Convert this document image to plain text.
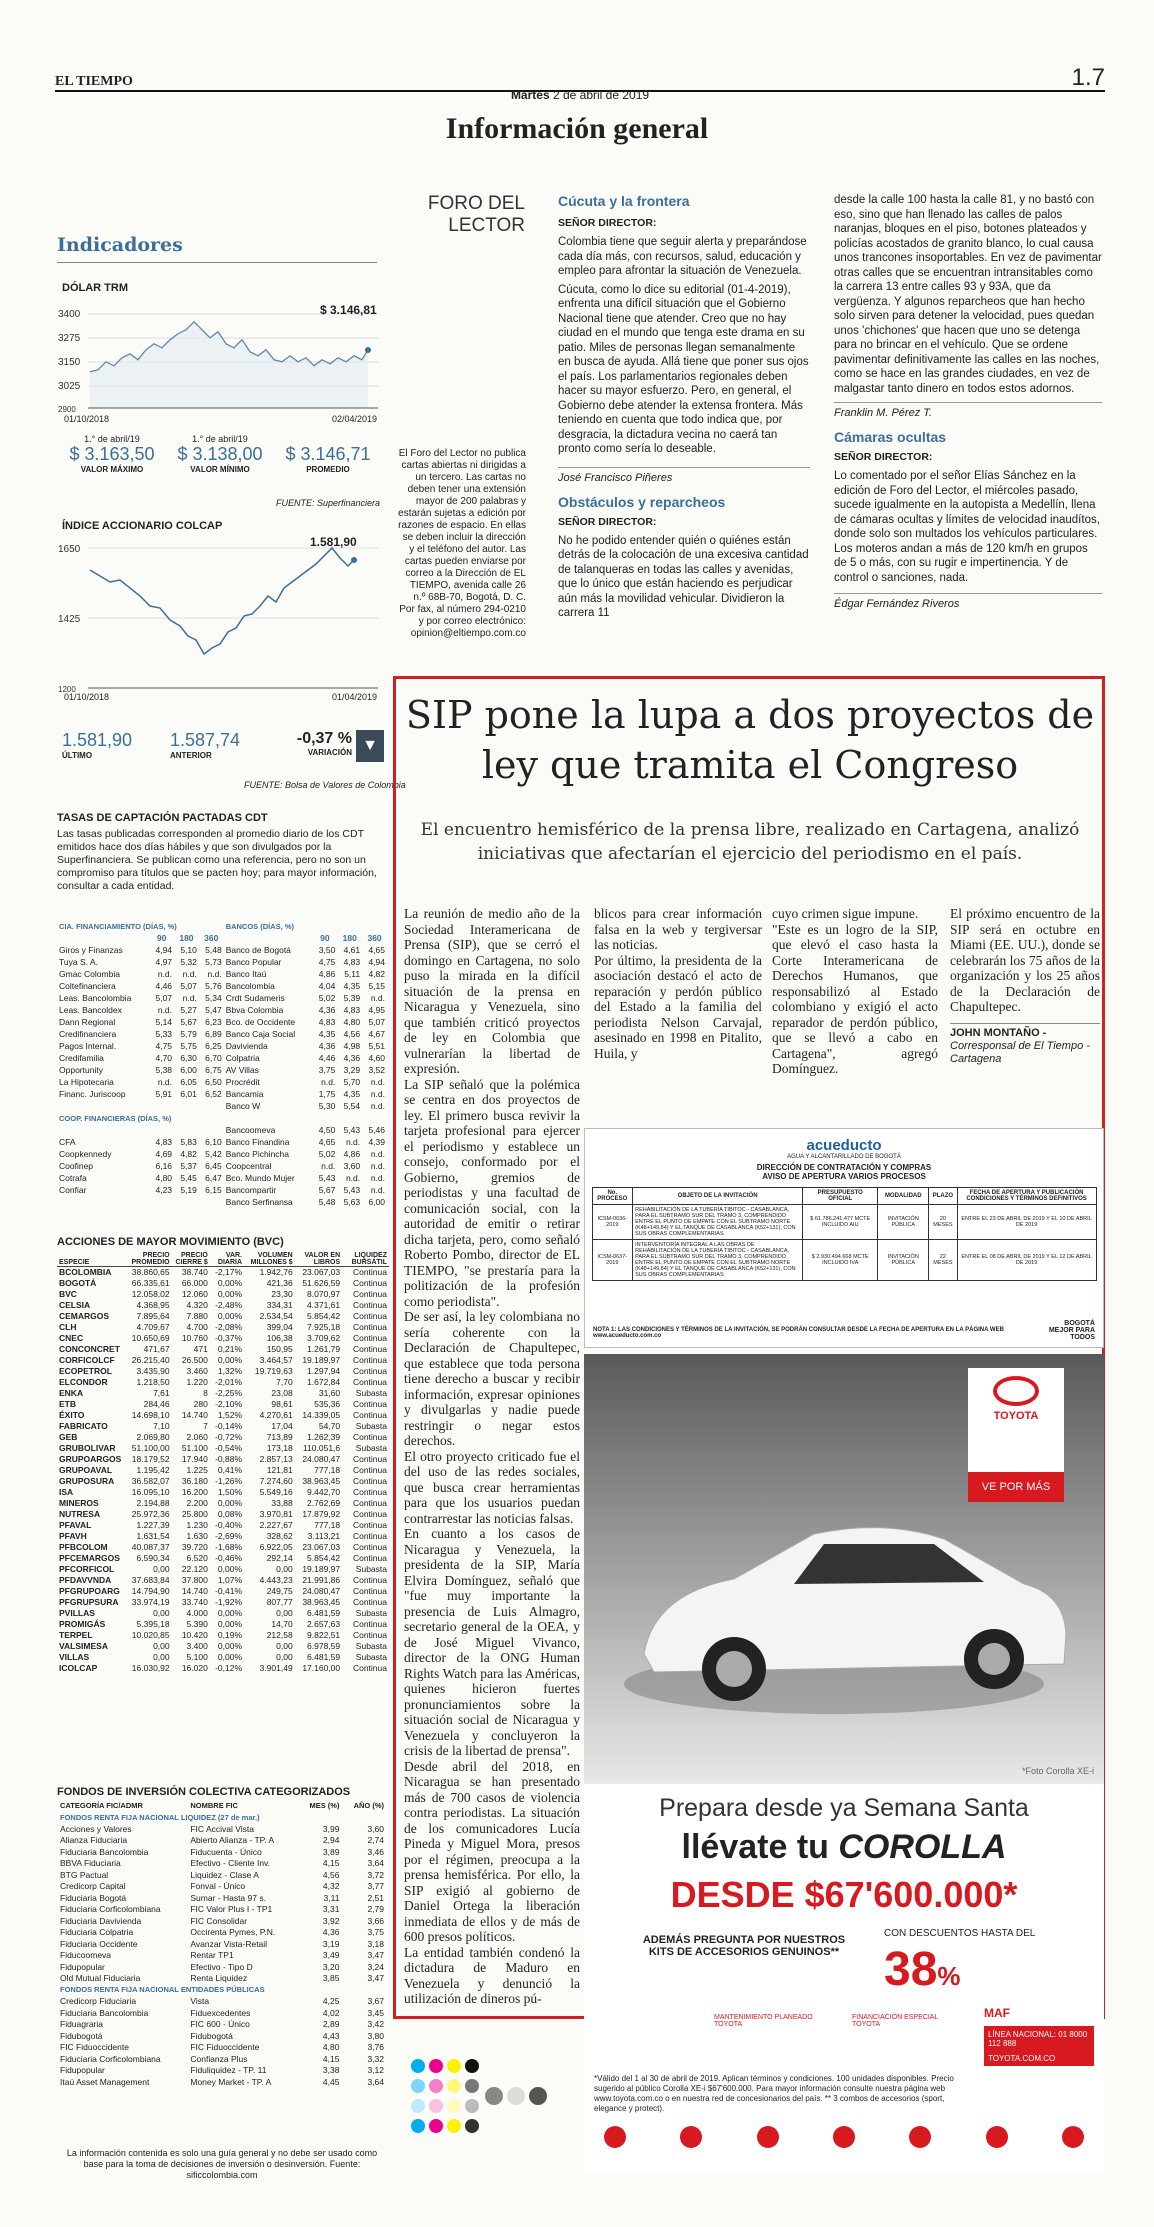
EL TIEMPO
Martes 2 de abril de 2019
1.7
Información general
Indicadores
DÓLAR TRM
3400
3275
3150
3025
2900
$ 3.146,81
01/10/2018	02/04/2019
1.° de abril/19
$ 3.163,50
VALOR MÁXIMO
1.° de abril/19
$ 3.138,00
VALOR MÍNIMO
$ 3.146,71
PROMEDIO
FUENTE: Superfinanciera
ÍNDICE ACCIONARIO COLCAP
1650
1425
1200
1.581,90
01/10/2018	01/04/2019
1.581,90
ÚLTIMO
1.587,74
ANTERIOR
-0,37 %
VARIACIÓN ▼
FUENTE: Bolsa de Valores de Colombia
TASAS DE CAPTACIÓN PACTADAS CDT
Las tasas publicadas corresponden al promedio diario de los CDT emitidos hace dos días hábiles y que son divulgados por la Superfinanciera. Se publican como una referencia, pero no son un compromiso para títulos que se pacten hoy; para mayor información, consultar a cada entidad.
CIA. FINANCIAMIENTO (DÍAS, %)				BANCOS (DÍAS, %)			
	90	180	360		90	180	360
Giros y Finanzas	4,94	5,10	5,48	Banco de Bogotá	3,50	4,61	4,65
Tuya S. A.	4,97	5,32	5,73	Banco Popular	4,75	4,83	4,94
Gmac Colombia	n.d.	n.d.	n.d.	Banco Itaú	4,86	5,11	4,82
Coltefinanciera	4,46	5,07	5,76	Bancolombia	4,04	4,35	5,15
Leas. Bancolombia	5,07	n.d.	5,34	Crdt Sudameris	5,02	5,39	n.d.
Leas. Bancoldex	n.d.	5,27	5,47	Bbva Colombia	4,36	4,83	4,95
Dann Regional	5,14	5,67	6,23	Bco. de Occidente	4,83	4,80	5,07
Credifinanciera	5,33	5,79	6,89	Banco Caja Social	4,35	4,56	4,67
Pagos Internal.	4,75	5,75	6,25	Davivienda	4,36	4,98	5,51
Credifamilia	4,70	6,30	6,70	Colpatria	4,46	4,36	4,60
Opportunity	5,38	6,00	6,75	AV Villas	3,75	3,29	3,52
La Hipotecaria	n.d.	6,05	6,50	Procrédit	n.d.	5,70	n.d.
Financ. Juriscoop	5,91	6,01	6,52	Bancamia	1,75	4,35	n.d.
				Banco W	5,30	5,54	n.d.
COOP. FINANCIERAS (DÍAS, %)							
				Bancoomeva	4,50	5,43	5,46
CFA	4,83	5,83	6,10	Banco Finandina	4,65	n.d.	4,39
Coopkennedy	4,69	4,82	5,42	Banco Pichincha	5,02	4,86	n.d.
Coofinep	6,16	5,37	6,45	Coopcentral	n.d.	3,60	n.d.
Cotrafa	4,80	5,45	6,47	Bco. Mundo Mujer	5,43	n.d.	n.d.
Confiar	4,23	5,19	6,15	Bancompartir	5,67	5,43	n.d.
				Banco Serfinansa	5,48	5,63	6,00
ACCIONES DE MAYOR MOVIMIENTO (BVC)
ESPECIE	PRECIO PROMEDIO	PRECIO CIERRE $	VAR. DIARIA	VOLUMEN MILLONES $	VALOR EN LIBROS	LIQUIDEZ BURSÁTIL
BCOLOMBIA	38.860,65	38.740	-2,17%	1.942,76	23.067,03	Continua
BOGOTÁ	66.335,61	66.000	0,00%	421,36	51.626,59	Continua
BVC	12.058,02	12.060	0,00%	23,30	8.070,97	Continua
CELSIA	4.368,95	4.320	-2,48%	334,31	4.371,61	Continua
CEMARGOS	7.895,64	7.880	0,00%	2.534,54	5.854,42	Continua
CLH	4.709,67	4.700	-2,08%	399,04	7.925,18	Continua
CNEC	10.650,69	10.760	-0,37%	106,38	3.709,62	Continua
CONCONCRET	471,67	471	0,21%	150,95	1.261,79	Continua
CORFICOLCF	26.215,40	26.500	0,00%	3.464,57	19.189,97	Continua
ECOPETROL	3.435,90	3.460	1,32%	19.719,63	1.297,94	Continua
ELCONDOR	1.218,50	1.220	-2,01%	7,70	1.672,84	Continua
ENKA	7,61	8	-2,25%	23,08	31,60	Subasta
ETB	284,46	280	-2,10%	98,61	535,36	Continua
ÉXITO	14.698,10	14.740	1,52%	4.270,61	14.339,05	Continua
FABRICATO	7,10	7	-0,14%	17,04	54,70	Subasta
GEB	2.069,80	2.060	-0,72%	713,89	1.262,39	Continua
GRUBOLIVAR	51.100,00	51.100	-0,54%	173,18	110.051,6	Subasta
GRUPOARGOS	18.179,52	17.940	-0,88%	2.857,13	24.080,47	Continua
GRUPOAVAL	1.195,42	1.225	0,41%	121,81	777,18	Continua
GRUPOSURA	36.582,07	36.180	-1,26%	7.274,60	38.963,45	Continua
ISA	16.095,10	16.200	1,50%	5.549,16	9.442,70	Continua
MINEROS	2.194,88	2.200	0,00%	33,88	2.762,69	Continua
NUTRESA	25.972,36	25.800	0,08%	3.970,81	17.879,92	Continua
PFAVAL	1.227,39	1.230	-0,40%	2.227,67	777,18	Continua
PFAVH	1.631,54	1.630	-2,69%	328,62	3.113,21	Continua
PFBCOLOM	40.087,37	39.720	-1,68%	6.922,05	23.067,03	Continua
PFCEMARGOS	6.590,34	6.520	-0,46%	292,14	5.854,42	Continua
PFCORFICOL	0,00	22.120	0,00%	0,00	19.189,97	Subasta
PFDAVVNDA	37.683,84	37.800	1,07%	4.443,23	21.991,86	Continua
PFGRUPOARG	14.794,90	14.740	-0,41%	249,75	24.080,47	Continua
PFGRUPSURA	33.974,19	33.740	-1,92%	807,77	38.963,45	Continua
PVILLAS	0,00	4.000	0,00%	0,00	6.481,59	Subasta
PROMIGÁS	5.395,18	5.390	0,00%	14,70	2.657,63	Continua
TERPEL	10.020,85	10.420	0,19%	212,58	9.822,51	Continua
VALSIMESA	0,00	3.400	0,00%	0,00	6.978,59	Subasta
VILLAS	0,00	5.100	0,00%	0,00	6.481,59	Subasta
ICOLCAP	16.030,92	16.020	-0,12%	3.901,49	17.160,00	Continua
FONDOS DE INVERSIÓN COLECTIVA CATEGORIZADOS
CATEGORÍA FIC/ADMR	NOMBRE FIC	MES (%)	AÑO (%)
FONDOS RENTA FIJA NACIONAL LIQUIDEZ (27 de mar.)			
Acciones y Valores	FIC Accival Vista	3,99	3,60
Alianza Fiduciaria	Abierto Alianza - TP. A	2,94	2,74
Fiduciaria Bancolombia	Fiducuenta - Único	3,89	3,46
BBVA Fiduciaria	Efectivo - Cliente Inv.	4,15	3,64
BTG Pactual	Liquidez - Clase A	4,56	3,72
Credicorp Capital	Fonval - Único	4,32	3,77
Fiduciaria Bogotá	Sumar - Hasta 97 s.	3,11	2,51
Fiduciaria Corficolombiana	FIC Valor Plus I - TP1	3,31	2,79
Fiduciaria Davivienda	FIC Consolidar	3,92	3,66
Fiduciaria Colpatria	Occirenta Pymes, P.N.	4,36	3,75
Fiduciaria Occidente	Avanzar Vista-Retail	3,19	3,18
Fiducoomeva	Rentar TP1	3,49	3,47
Fidupopular	Efectivo - Tipo D	3,20	3,24
Old Mutual Fiduciaria	Renta Liquidez	3,85	3,47
FONDOS RENTA FIJA NACIONAL ENTIDADES PÚBLICAS			
Credicorp Fiduciaria	Vista	4,25	3,67
Fiduciaria Bancolombia	Fiduexcedentes	4,02	3,45
Fiduagraria	FIC 600 - Único	2,89	3,42
Fidubogotá	Fidubogotá	4,43	3,80
FIC Fiduoccidente	FIC Fiduoccidente	4,80	3,76
Fiduciaria Corficolombiana	Confianza Plus	4,15	3,32
Fidupopular	Fiduliquidez - TP. 11	3,38	3,12
Itaú Asset Management	Money Market - TP. A	4,45	3,64
La información contenida es solo una guía general y no debe ser usado como base para la toma de decisiones de inversión o desinversión. Fuente: sificcolombia.com
FORO DEL LECTOR
El Foro del Lector no publica cartas abiertas ni dirigidas a un tercero. Las cartas no deben tener una extensión mayor de 200 palabras y estarán sujetas a edición por razones de espacio. En ellas se deben incluir la dirección y el teléfono del autor. Las cartas pueden enviarse por correo a la Dirección de EL TIEMPO, avenida calle 26 n.º 68B-70, Bogotá, D. C. Por fax, al número 294-0210 y por correo electrónico: opinion@eltiempo.com.co
Cúcuta y la frontera
SEÑOR DIRECTOR:
Colombia tiene que seguir alerta y preparándose cada día más, con recursos, salud, educación y empleo para afrontar la situación de Venezuela.
Cúcuta, como lo dice su editorial (01-4-2019), enfrenta una difícil situación que el Gobierno Nacional tiene que atender. Creo que no hay ciudad en el mundo que tenga este drama en su patio. Miles de personas llegan semanalmente en busca de ayuda. Allá tiene que poner sus ojos el país. Los parlamentarios regionales deben hacer su mayor esfuerzo. Pero, en general, el Gobierno debe atender la extensa frontera. Más teniendo en cuenta que todo indica que, por desgracia, la dictadura vecina no caerá tan pronto como sería lo deseable.
José Francisco Piñeres
Obstáculos y reparcheos
SEÑOR DIRECTOR:
No he podido entender quién o quiénes están detrás de la colocación de una excesiva cantidad de talanqueras en todas las calles y avenidas, que lo único que están haciendo es perjudicar aún más la movilidad vehicular. Dividieron la carrera 11
desde la calle 100 hasta la calle 81, y no bastó con eso, sino que han llenado las calles de palos naranjas, bloques en el piso, botones plateados y policías acostados de granito blanco, lo cual causa unos trancones insoportables. En vez de pavimentar otras calles que se encuentran intransitables como la carrera 13 entre calles 93 y 93A, que da vergüenza. Y algunos reparcheos que han hecho solo sirven para detener la velocidad, pues quedan unos 'chichones' que hacen que uno se detenga para no brincar en el vehículo. Que se ordene pavimentar definitivamente las calles en las noches, como se hace en las grandes ciudades, en vez de malgastar tanto dinero en todos estos adornos.
Franklin M. Pérez T.
Cámaras ocultas
SEÑOR DIRECTOR:
Lo comentado por el señor Elías Sánchez en la edición de Foro del Lector, el miércoles pasado, sucede igualmente en la autopista a Medellín, llena de cámaras ocultas y límites de velocidad inaudítos, donde solo son multados los vehículos particulares. Los moteros andan a más de 120 km/h en grupos de 5 o más, con su rugir e impertinencia. Y de control o sanciones, nada.
Édgar Fernández Riveros
SIP pone la lupa a dos proyectos de ley que tramita el Congreso
El encuentro hemisférico de la prensa libre, realizado en Cartagena, analizó iniciativas que afectarían el ejercicio del periodismo en el país.
La reunión de medio año de la Sociedad Interamericana de Prensa (SIP), que se cerró el domingo en Cartagena, no solo puso la mirada en la difícil situación de la prensa en Nicaragua y Venezuela, sino que también criticó proyectos de ley en Colombia que vulnerarían la libertad de expresión.
La SIP señaló que la polémica se centra en dos proyectos de ley. El primero busca revivir la tarjeta profesional para ejercer el periodismo y establece un consejo, conformado por el Gobierno, gremios de periodistas y una facultad de comunicación social, con la autoridad de emitir o retirar dicha tarjeta, pero, como señaló Roberto Pombo, director de EL TIEMPO, "se prestaría para la politización de la profesión como periodista".
De ser así, la ley colombiana no sería coherente con la Declaración de Chapultepec, que establece que toda persona tiene derecho a buscar y recibir información, expresar opiniones y divulgarlas y nadie puede restringir o negar estos derechos.
El otro proyecto criticado fue el del uso de las redes sociales, que busca crear herramientas para que los usuarios puedan contrarrestar las noticias falsas.
En cuanto a los casos de Nicaragua y Venezuela, la presidenta de la SIP, María Elvira Domínguez, señaló que "fue muy importante la presencia de Luis Almagro, secretario general de la OEA, y de José Miguel Vivanco, director de la ONG Human Rights Watch para las Américas, quienes hicieron fuertes pronunciamientos sobre la situación social de Nicaragua y Venezuela y concluyeron la crisis de la libertad de prensa".
Desde abril del 2018, en Nicaragua se han presentado más de 700 casos de violencia contra periodistas. La situación de los comunicadores Lucía Pineda y Miguel Mora, presos por el régimen, preocupa a la prensa hemisférica. Por ello, la SIP exigió al gobierno de Daniel Ortega la liberación inmediata de ellos y de más de 600 presos políticos.
La entidad también condenó la dictadura de Maduro en Venezuela y denunció la utilización de dineros pú-
blicos para crear información falsa en la web y tergiversar las noticias.
Por último, la presidenta de la asociación destacó el acto de reparación y perdón público del Estado a la familia del periodista Nelson Carvajal, asesinado en 1998 en Pitalito, Huila, y
cuyo crimen sigue impune.
"Este es un logro de la SIP, que elevó el caso hasta la Corte Interamericana de Derechos Humanos, que responsabilizó al Estado colombiano y exigió el acto reparador de perdón público, que se llevó a cabo en Cartagena", agregó Domínguez.
El próximo encuentro de la SIP será en octubre en Miami (EE. UU.), donde se celebrarán los 75 años de la organización y los 25 años de la Declaración de Chapultepec.
JOHN MONTAÑO - Corresponsal de El Tiempo - Cartagena
acueducto
AGUA Y ALCANTARILLADO DE BOGOTÁ
DIRECCIÓN DE CONTRATACIÓN Y COMPRAS
AVISO DE APERTURA VARIOS PROCESOS
No. PROCESO	OBJETO DE LA INVITACIÓN	PRESUPUESTO OFICIAL	MODALIDAD	PLAZO	FECHA DE APERTURA Y PUBLICACIÓN CONDICIONES Y TÉRMINOS DEFINITIVOS
ICSM-0636-2019	REHABILITACIÓN DE LA TUBERÍA TIBITOC - CASABLANCA, PARA EL SUBTRAMO SUR DEL TRAMO 3, COMPRENDIDO ENTRE EL PUNTO DE EMPATE CON EL SUBTRAMO NORTE (K48+149,84) Y EL TANQUE DE CASABLANCA (K52+131), CON SUS OBRAS COMPLEMENTARIAS	$ 61.786.241.477 MCTE INCLUIDO AIU	INVITACIÓN PÚBLICA	20 MESES	ENTRE EL 23 DE ABRIL DE 2019 Y EL 10 DE ABRIL DE 2019
ICSM-0637-2019	INTERVENTORÍA INTEGRAL A LAS OBRAS DE REHABILITACIÓN DE LA TUBERÍA TIBITOC - CASABLANCA, PARA EL SUBTRAMO SUR DEL TRAMO 3, COMPRENDIDO ENTRE EL PUNTO DE EMPATE CON EL SUBTRAMO NORTE (K48+149,84) Y EL TANQUE DE CASABLANCA (K52+131), CON SUS OBRAS COMPLEMENTARIAS	$ 2.930.494.668 MCTE INCLUIDO IVA	INVITACIÓN PÚBLICA	22 MESES	ENTRE EL 08 DE ABRIL DE 2019 Y EL 12 DE ABRIL DE 2019
NOTA 1: LAS CONDICIONES Y TÉRMINOS DE LA INVITACIÓN, SE PODRÁN CONSULTAR DESDE LA FECHA DE APERTURA EN LA PÁGINA WEB www.acueducto.com.co
BOGOTÁ MEJOR PARA TODOS
TOYOTA
VE POR MÁS
*Foto Corolla XE-i
Prepara desde ya Semana Santa
llévate tu COROLLA
DESDE $67'600.000*
ADEMÁS PREGUNTA POR NUESTROS KITS DE ACCESORIOS GENUINOS**
CON DESCUENTOS HASTA DEL
38%
MANTENIMIENTO PLANEADO TOYOTA
FINANCIACIÓN ESPECIAL TOYOTA
MAF
LÍNEA NACIONAL: 01 8000 112 888
TOYOTA.COM.CO
*Válido del 1 al 30 de abril de 2019. Aplican términos y condiciones. 100 unidades disponibles. Precio sugerido al público Corolla XE-i $67'600.000. Para mayor información consulte nuestra página web www.toyota.com.co o en nuestra red de concesionarios del país. ** 3 combos de accesorios (sport, elegance y protect).
